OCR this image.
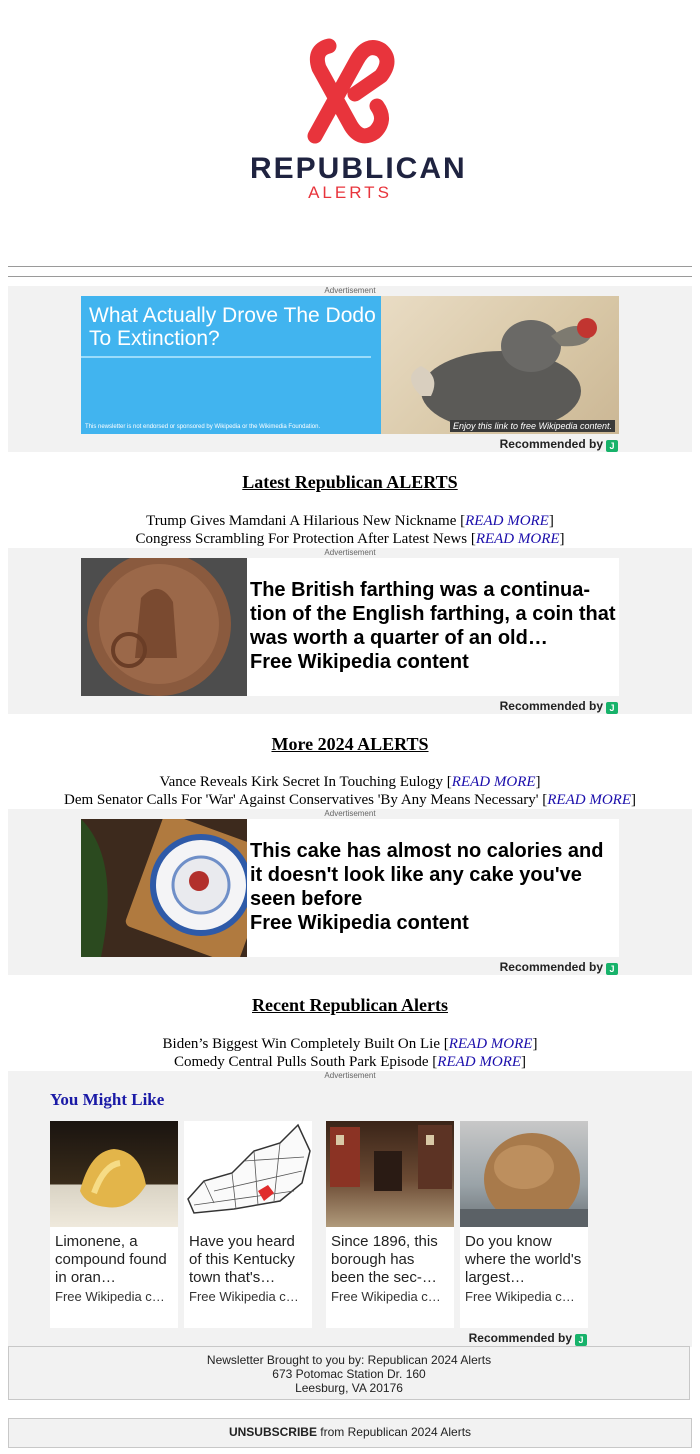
REPUBLICAN
ALERTS
Advertisement
What Actually Drove The Dodo To Extinction?
This newsletter is not endorsed or sponsored by Wikipedia or the Wikimedia Foundation.	Enjoy this link to free Wikipedia content.
Recommended by J
Latest Republican ALERTS
Trump Gives Mamdani A Hilarious New Nickname [READ MORE]
Congress Scrambling For Protection After Latest News [READ MORE]
Advertisement
The British farthing was a continua-tion of the English farthing, a coin that was worth a quarter of an old…
Free Wikipedia content
Recommended by J
More 2024 ALERTS
Vance Reveals Kirk Secret In Touching Eulogy [READ MORE]
Dem Senator Calls For 'War' Against Conservatives 'By Any Means Necessary' [READ MORE]
Advertisement
This cake has almost no calories and it doesn't look like any cake you've seen before
Free Wikipedia content
Recommended by J
Recent Republican Alerts
Biden’s Biggest Win Completely Built On Lie [READ MORE]
Comedy Central Pulls South Park Episode [READ MORE]
Advertisement
You Might Like
Limonene, a compound found in oran…
Free Wikipedia c…
Have you heard of this Kentucky town that's…
Free Wikipedia c…
Since 1896, this borough has been the sec-…
Free Wikipedia c…
Do you know where the world's largest…
Free Wikipedia c…
Recommended by J
Newsletter Brought to you by: Republican 2024 Alerts
673 Potomac Station Dr. 160
Leesburg, VA 20176
UNSUBSCRIBE from Republican 2024 Alerts
